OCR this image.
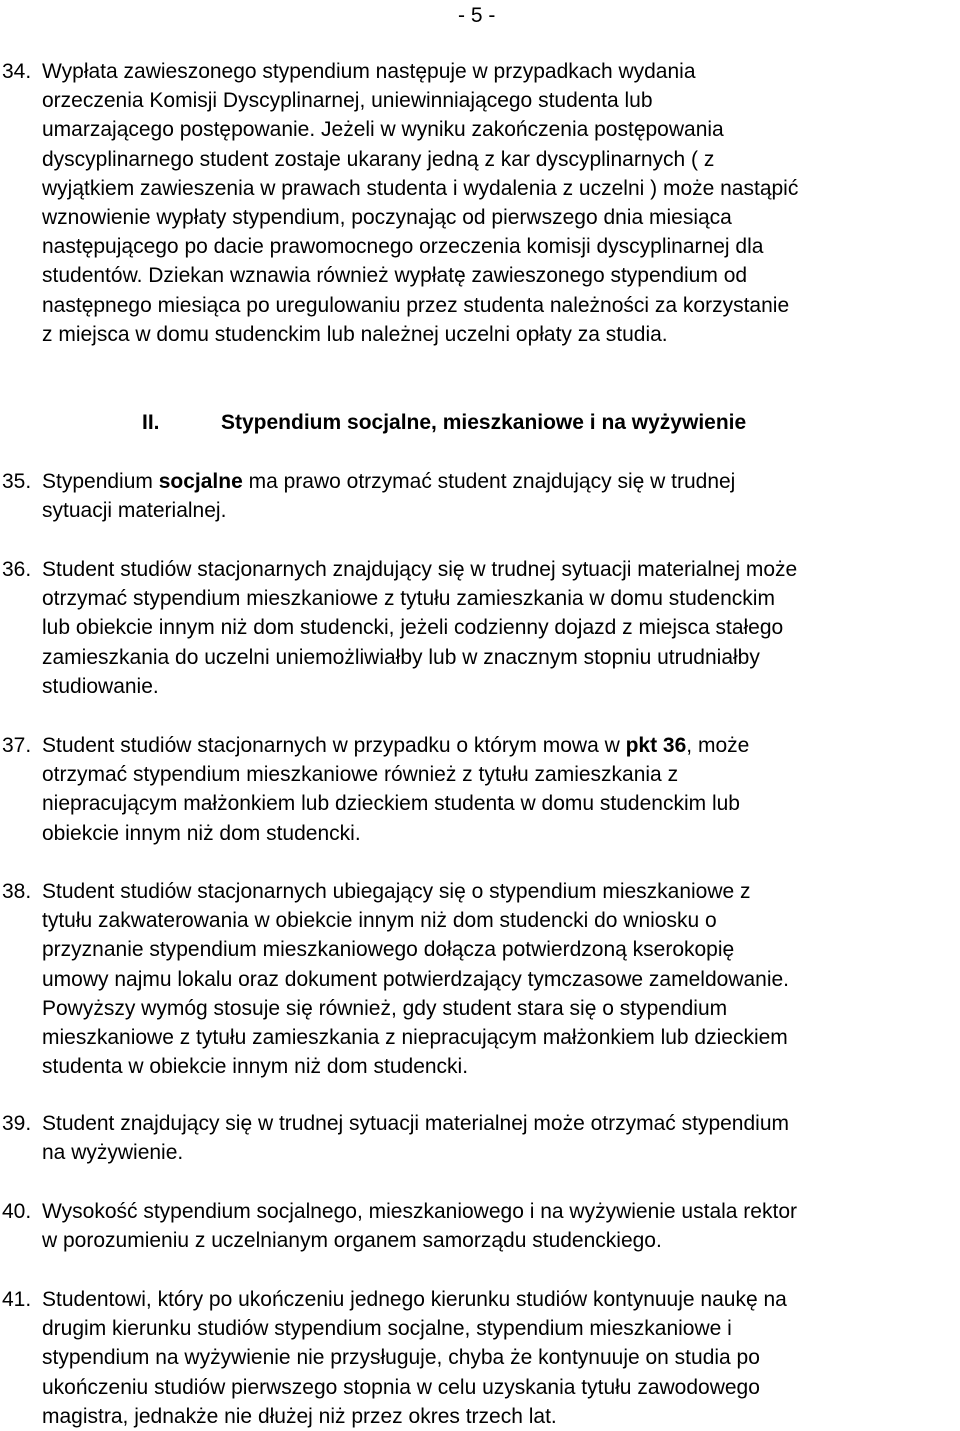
- 5 -
34. Wypłata zawieszonego stypendium następuje w przypadkach wydania
orzeczenia Komisji Dyscyplinarnej, uniewinniającego studenta lub
umarzającego postępowanie. Jeżeli w wyniku zakończenia postępowania
dyscyplinarnego student zostaje ukarany jedną z kar dyscyplinarnych ( z
wyjątkiem zawieszenia w prawach studenta i wydalenia z uczelni ) może nastąpić
wznowienie wypłaty stypendium, poczynając od pierwszego dnia miesiąca
następującego po dacie prawomocnego orzeczenia komisji dyscyplinarnej dla
studentów. Dziekan wznawia również wypłatę zawieszonego stypendium od
następnego miesiąca po uregulowaniu przez studenta należności za korzystanie
z miejsca w domu studenckim lub należnej uczelni opłaty za studia.
II.	Stypendium socjalne, mieszkaniowe i na wyżywienie
35. Stypendium socjalne ma prawo otrzymać student znajdujący się w trudnej
sytuacji materialnej.
36. Student studiów stacjonarnych znajdujący się w trudnej sytuacji materialnej może
otrzymać stypendium mieszkaniowe z tytułu zamieszkania w domu studenckim
lub obiekcie innym niż dom studencki, jeżeli codzienny dojazd z miejsca stałego
zamieszkania do uczelni uniemożliwiałby lub w znacznym stopniu utrudniałby
studiowanie.
37. Student studiów stacjonarnych w przypadku o którym mowa w pkt 36, może
otrzymać stypendium mieszkaniowe również z tytułu zamieszkania z
niepracującym małżonkiem lub dzieckiem studenta w domu studenckim lub
obiekcie innym niż dom studencki.
38. Student studiów stacjonarnych ubiegający się o stypendium mieszkaniowe z
tytułu zakwaterowania w obiekcie innym niż dom studencki do wniosku o
przyznanie stypendium mieszkaniowego dołącza potwierdzoną kserokopię
umowy najmu lokalu oraz dokument potwierdzający tymczasowe zameldowanie.
Powyższy wymóg stosuje się również, gdy student stara się o stypendium
mieszkaniowe z tytułu zamieszkania z niepracującym małżonkiem lub dzieckiem
studenta w obiekcie innym niż dom studencki.
39. Student znajdujący się w trudnej sytuacji materialnej może otrzymać stypendium
na wyżywienie.
40. Wysokość stypendium socjalnego, mieszkaniowego i na wyżywienie ustala rektor
w porozumieniu z uczelnianym organem samorządu studenckiego.
41. Studentowi, który po ukończeniu jednego kierunku studiów kontynuuje naukę na
drugim kierunku studiów stypendium socjalne, stypendium mieszkaniowe i
stypendium na wyżywienie nie przysługuje, chyba że kontynuuje on studia po
ukończeniu studiów pierwszego stopnia w celu uzyskania tytułu zawodowego
magistra, jednakże nie dłużej niż przez okres trzech lat.
